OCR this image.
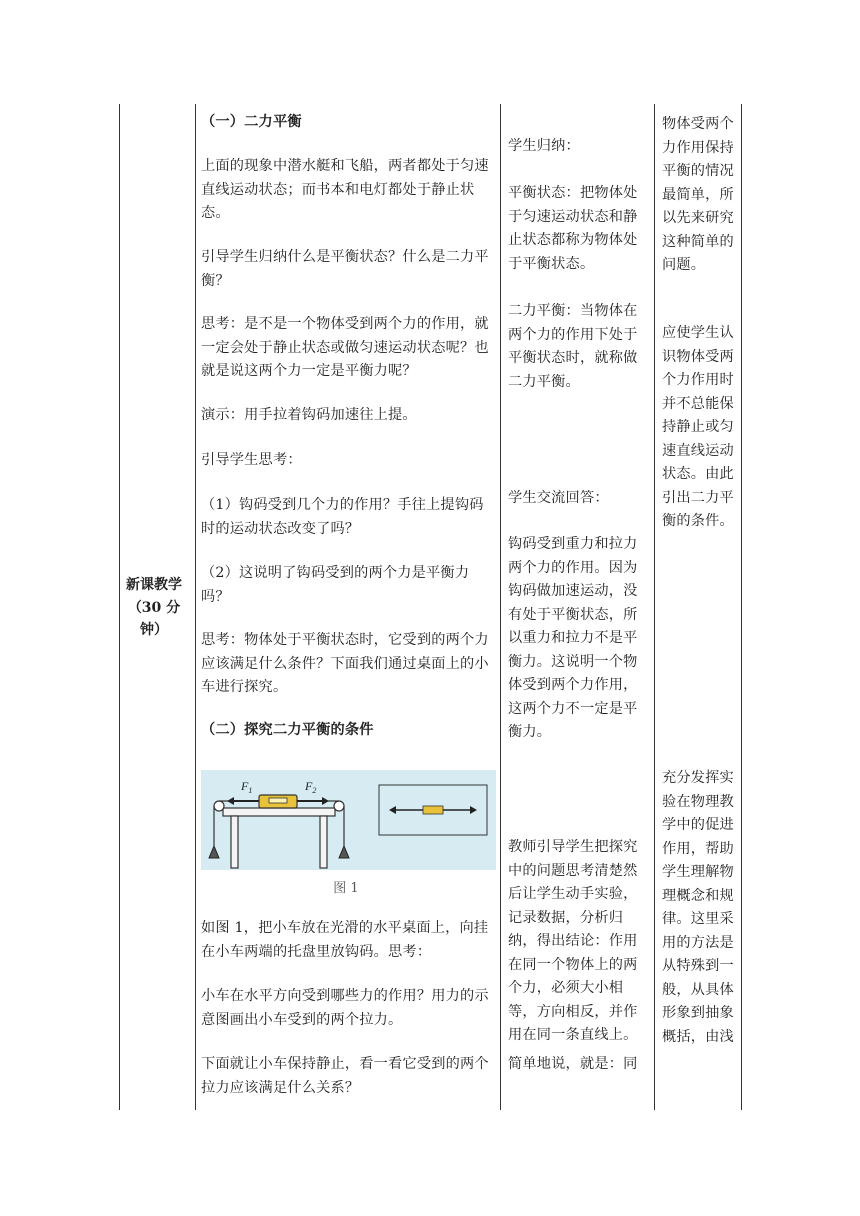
新课教学
（30 分
钟）

（一）二力平衡

上面的现象中潜水艇和飞船，两者都处于匀速直线运动状态；而书本和电灯都处于静止状态。

引导学生归纳什么是平衡状态？什么是二力平衡？

思考：是不是一个物体受到两个力的作用，就一定会处于静止状态或做匀速运动状态呢？也就是说这两个力一定是平衡力呢？

演示：用手拉着钩码加速往上提。

引导学生思考：

（1）钩码受到几个力的作用？手往上提钩码时的运动状态改变了吗？

（2）这说明了钩码受到的两个力是平衡力吗？

思考：物体处于平衡状态时，它受到的两个力应该满足什么条件？下面我们通过桌面上的小车进行探究。

（二）探究二力平衡的条件

$F_1$	$F_2$
图 1

如图 1，把小车放在光滑的水平桌面上，向挂在小车两端的托盘里放钩码。思考：

小车在水平方向受到哪些力的作用？用力的示意图画出小车受到的两个拉力。

下面就让小车保持静止，看一看它受到的两个拉力应该满足什么关系？

学生归纳：

平衡状态：把物体处于匀速运动状态和静止状态都称为物体处于平衡状态。

二力平衡：当物体在两个力的作用下处于平衡状态时，就称做二力平衡。

学生交流回答：

钩码受到重力和拉力两个力的作用。因为钩码做加速运动，没有处于平衡状态，所以重力和拉力不是平衡力。这说明一个物体受到两个力作用，这两个力不一定是平衡力。

教师引导学生把探究中的问题思考清楚然后让学生动手实验，记录数据，分析归纳，得出结论：作用在同一个物体上的两个力，必须大小相等，方向相反，并作用在同一条直线上。

简单地说，就是：同

物体受两个力作用保持平衡的情况最简单，所以先来研究这种简单的问题。

应使学生认识物体受两个力作用时并不总能保持静止或匀速直线运动状态。由此引出二力平衡的条件。

充分发挥实验在物理教学中的促进作用，帮助学生理解物理概念和规律。这里采用的方法是从特殊到一般，从具体形象到抽象概括，由浅
